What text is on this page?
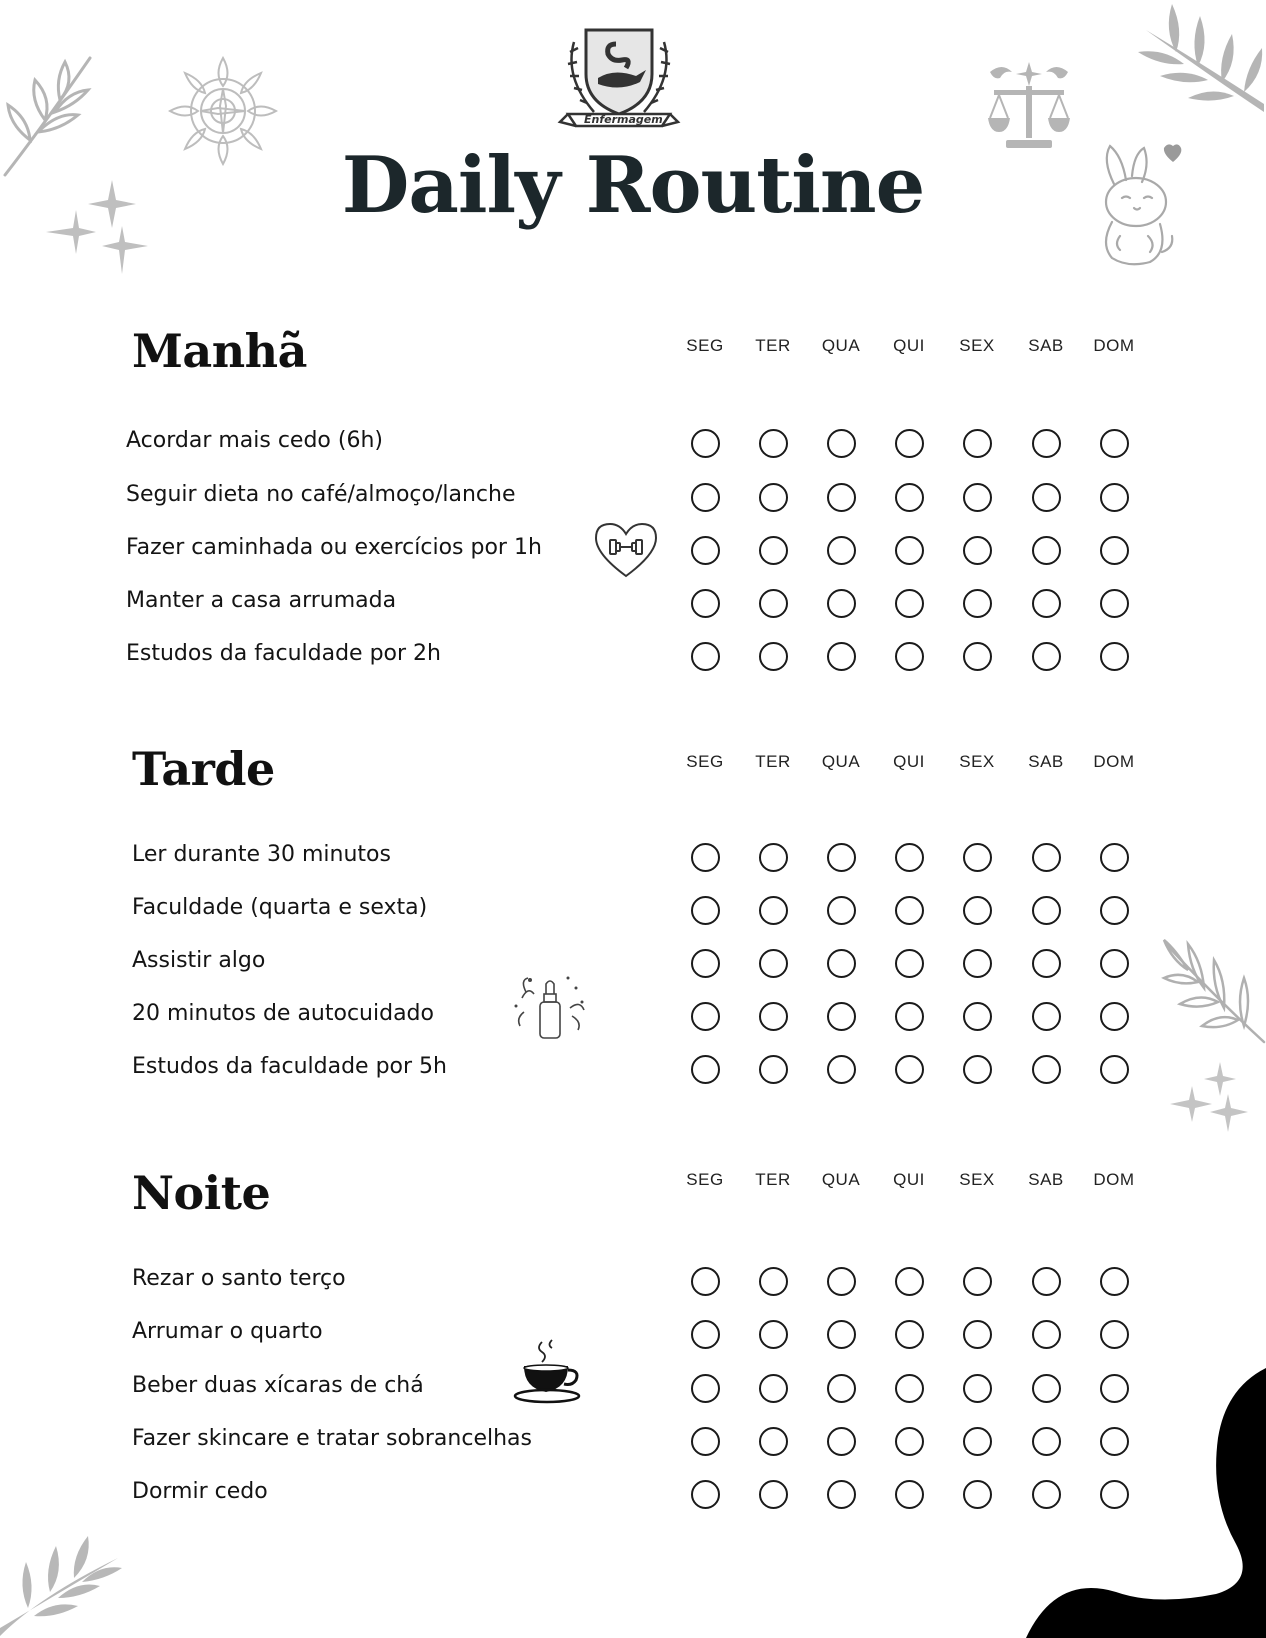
Enfermagem
Daily Routine
Manhã	SEG	TER	QUA	QUI	SEX	SAB	DOM
Acordar mais cedo (6h)
Seguir dieta no café/almoço/lanche
Fazer caminhada ou exercícios por 1h
Manter a casa arrumada
Estudos da faculdade por 2h
Tarde	SEG	TER	QUA	QUI	SEX	SAB	DOM
Ler durante 30 minutos
Faculdade (quarta e sexta)
Assistir algo
20 minutos de autocuidado
Estudos da faculdade por 5h
Noite	SEG	TER	QUA	QUI	SEX	SAB	DOM
Rezar o santo terço
Arrumar o quarto
Beber duas xícaras de chá
Fazer skincare e tratar sobrancelhas
Dormir cedo
